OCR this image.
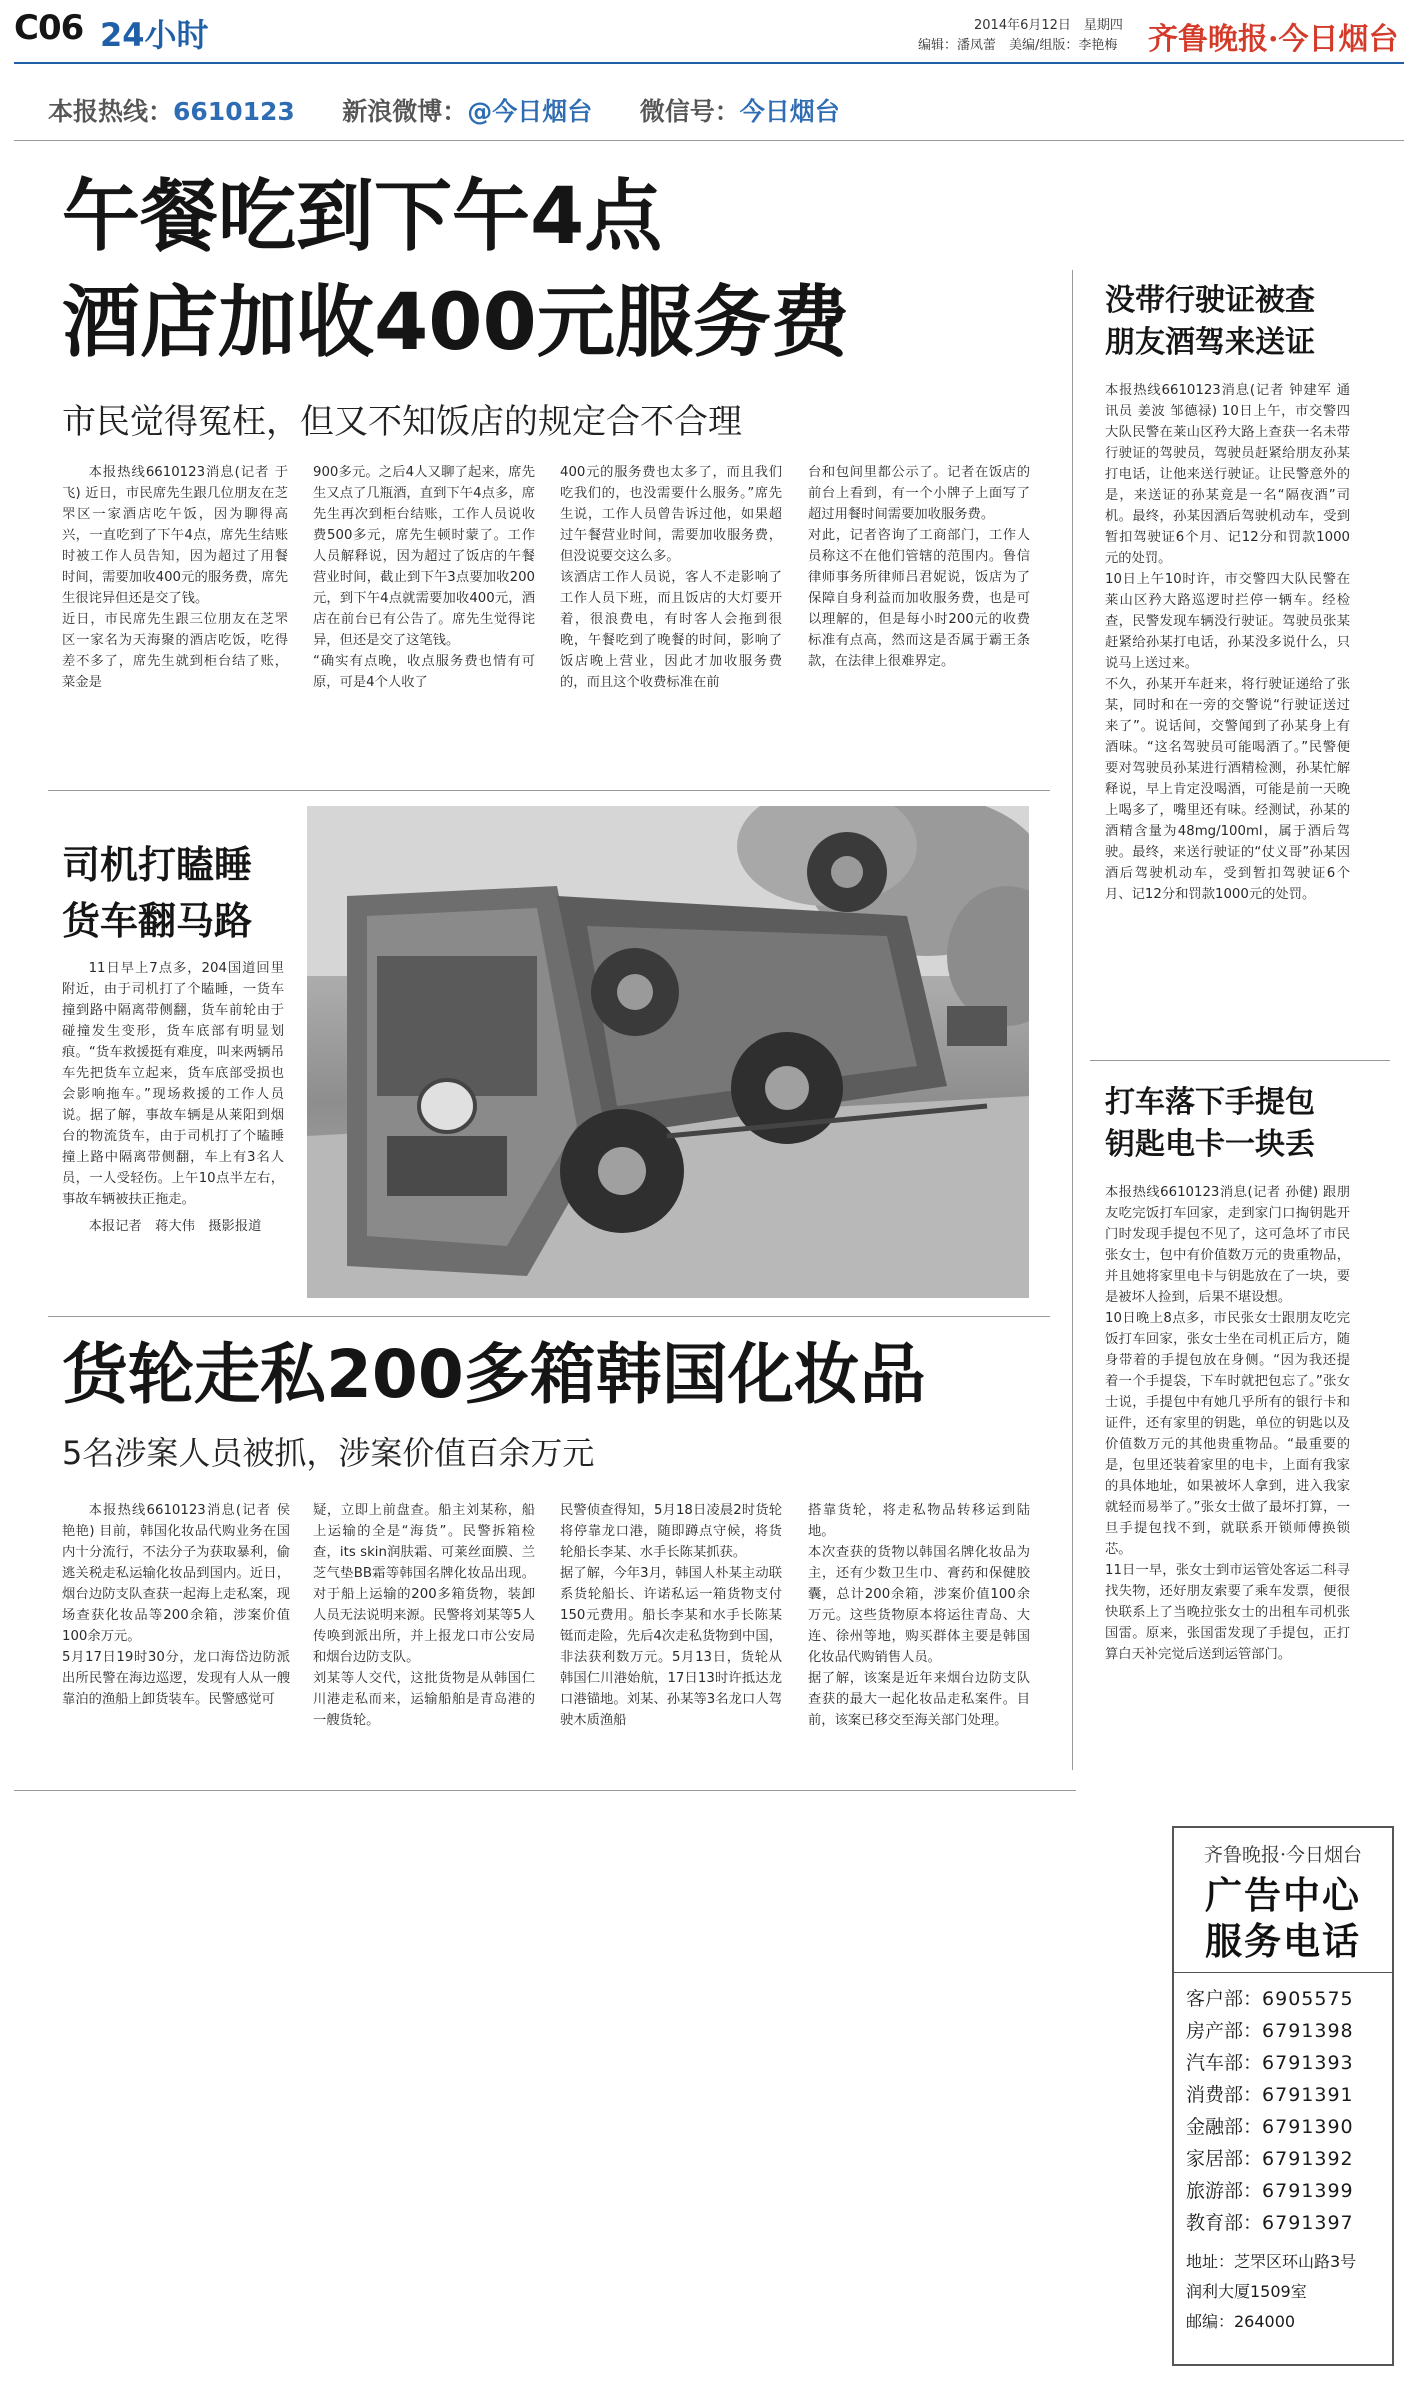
C06 24小时	2014年6月12日　星期四
编辑：潘凤蕾　美编/组版：李艳梅 齐鲁晚报·今日烟台
本报热线：6610123 新浪微博：@今日烟台 微信号：今日烟台
午餐吃到下午4点
酒店加收400元服务费
市民觉得冤枉，但又不知饭店的规定合不合理

本报热线6610123消息(记者 于飞) 近日，市民席先生跟几位朋友在芝罘区一家酒店吃午饭，因为聊得高兴，一直吃到了下午4点，席先生结账时被工作人员告知，因为超过了用餐时间，需要加收400元的服务费，席先生很诧异但还是交了钱。
近日，市民席先生跟三位朋友在芝罘区一家名为天海聚的酒店吃饭，吃得差不多了，席先生就到柜台结了账，菜金是

900多元。之后4人又聊了起来，席先生又点了几瓶酒，直到下午4点多，席先生再次到柜台结账，工作人员说收费500多元，席先生顿时蒙了。工作人员解释说，因为超过了饭店的午餐营业时间，截止到下午3点要加收200元，到下午4点就需要加收400元，酒店在前台已有公告了。席先生觉得诧异，但还是交了这笔钱。
“确实有点晚，收点服务费也情有可原，可是4个人收了

400元的服务费也太多了，而且我们吃我们的，也没需要什么服务。”席先生说，工作人员曾告诉过他，如果超过午餐营业时间，需要加收服务费，但没说要交这么多。
该酒店工作人员说，客人不走影响了工作人员下班，而且饭店的大灯要开着，很浪费电，有时客人会拖到很晚，午餐吃到了晚餐的时间，影响了饭店晚上营业，因此才加收服务费的，而且这个收费标准在前

台和包间里都公示了。记者在饭店的前台上看到，有一个小牌子上面写了超过用餐时间需要加收服务费。
对此，记者咨询了工商部门，工作人员称这不在他们管辖的范围内。鲁信律师事务所律师吕君妮说，饭店为了保障自身利益而加收服务费，也是可以理解的，但是每小时200元的收费标准有点高，然而这是否属于霸王条款，在法律上很难界定。

司机打瞌睡
货车翻马路

11日早上7点多，204国道回里附近，由于司机打了个瞌睡，一货车撞到路中隔离带侧翻，货车前轮由于碰撞发生变形，货车底部有明显划痕。“货车救援挺有难度，叫来两辆吊车先把货车立起来，货车底部受损也会影响拖车。”现场救援的工作人员说。据了解，事故车辆是从莱阳到烟台的物流货车，由于司机打了个瞌睡撞上路中隔离带侧翻，车上有3名人员，一人受轻伤。上午10点半左右，事故车辆被扶正拖走。

本报记者　蒋大伟　摄影报道

货轮走私200多箱韩国化妆品
5名涉案人员被抓，涉案价值百余万元

本报热线6610123消息(记者 侯艳艳) 目前，韩国化妆品代购业务在国内十分流行，不法分子为获取暴利，偷逃关税走私运输化妆品到国内。近日，烟台边防支队查获一起海上走私案，现场查获化妆品等200余箱，涉案价值100余万元。
5月17日19时30分，龙口海岱边防派出所民警在海边巡逻，发现有人从一艘靠泊的渔船上卸货装车。民警感觉可

疑，立即上前盘查。船主刘某称，船上运输的全是“海货”。民警拆箱检查，its skin润肤霜、可莱丝面膜、兰芝气垫BB霜等韩国名牌化妆品出现。对于船上运输的200多箱货物，装卸人员无法说明来源。民警将刘某等5人传唤到派出所，并上报龙口市公安局和烟台边防支队。
刘某等人交代，这批货物是从韩国仁川港走私而来，运输船舶是青岛港的一艘货轮。

民警侦查得知，5月18日凌晨2时货轮将停靠龙口港，随即蹲点守候，将货轮船长李某、水手长陈某抓获。
据了解，今年3月，韩国人朴某主动联系货轮船长、许诺私运一箱货物支付150元费用。船长李某和水手长陈某铤而走险，先后4次走私货物到中国，非法获利数万元。5月13日，货轮从韩国仁川港始航，17日13时许抵达龙口港锚地。刘某、孙某等3名龙口人驾驶木质渔船

搭靠货轮，将走私物品转移运到陆地。
本次查获的货物以韩国名牌化妆品为主，还有少数卫生巾、膏药和保健胶囊，总计200余箱，涉案价值100余万元。这些货物原本将运往青岛、大连、徐州等地，购买群体主要是韩国化妆品代购销售人员。
据了解，该案是近年来烟台边防支队查获的最大一起化妆品走私案件。目前，该案已移交至海关部门处理。

没带行驶证被查
朋友酒驾来送证

本报热线6610123消息(记者 钟建军 通讯员 姜波 邹德禄) 10日上午，市交警四大队民警在莱山区矜大路上查获一名未带行驶证的驾驶员，驾驶员赶紧给朋友孙某打电话，让他来送行驶证。让民警意外的是，来送证的孙某竟是一名“隔夜酒”司机。最终，孙某因酒后驾驶机动车，受到暂扣驾驶证6个月、记12分和罚款1000元的处罚。
10日上午10时许，市交警四大队民警在莱山区矜大路巡逻时拦停一辆车。经检查，民警发现车辆没行驶证。驾驶员张某赶紧给孙某打电话，孙某没多说什么，只说马上送过来。
不久，孙某开车赶来，将行驶证递给了张某，同时和在一旁的交警说“行驶证送过来了”。说话间，交警闻到了孙某身上有酒味。“这名驾驶员可能喝酒了。”民警便要对驾驶员孙某进行酒精检测，孙某忙解释说，早上肯定没喝酒，可能是前一天晚上喝多了，嘴里还有味。经测试，孙某的酒精含量为48mg/100ml，属于酒后驾驶。最终，来送行驶证的“仗义哥”孙某因酒后驾驶机动车，受到暂扣驾驶证6个月、记12分和罚款1000元的处罚。

打车落下手提包
钥匙电卡一块丢

本报热线6610123消息(记者 孙健) 跟朋友吃完饭打车回家，走到家门口掏钥匙开门时发现手提包不见了，这可急坏了市民张女士，包中有价值数万元的贵重物品，并且她将家里电卡与钥匙放在了一块，要是被坏人捡到，后果不堪设想。
10日晚上8点多，市民张女士跟朋友吃完饭打车回家，张女士坐在司机正后方，随身带着的手提包放在身侧。“因为我还提着一个手提袋，下车时就把包忘了。”张女士说，手提包中有她几乎所有的银行卡和证件，还有家里的钥匙，单位的钥匙以及价值数万元的其他贵重物品。“最重要的是，包里还装着家里的电卡，上面有我家的具体地址，如果被坏人拿到，进入我家就轻而易举了。”张女士做了最坏打算，一旦手提包找不到，就联系开锁师傅换锁芯。
11日一早，张女士到市运管处客运二科寻找失物，还好朋友索要了乘车发票，便很快联系上了当晚拉张女士的出租车司机张国雷。原来，张国雷发现了手提包，正打算白天补完觉后送到运管部门。

齐鲁晚报·今日烟台
广告中心
服务电话
客户部：6905575
房产部：6791398
汽车部：6791393
消费部：6791391
金融部：6791390
家居部：6791392
旅游部：6791399
教育部：6791397
地址：芝罘区环山路3号
润利大厦1509室
邮编：264000
